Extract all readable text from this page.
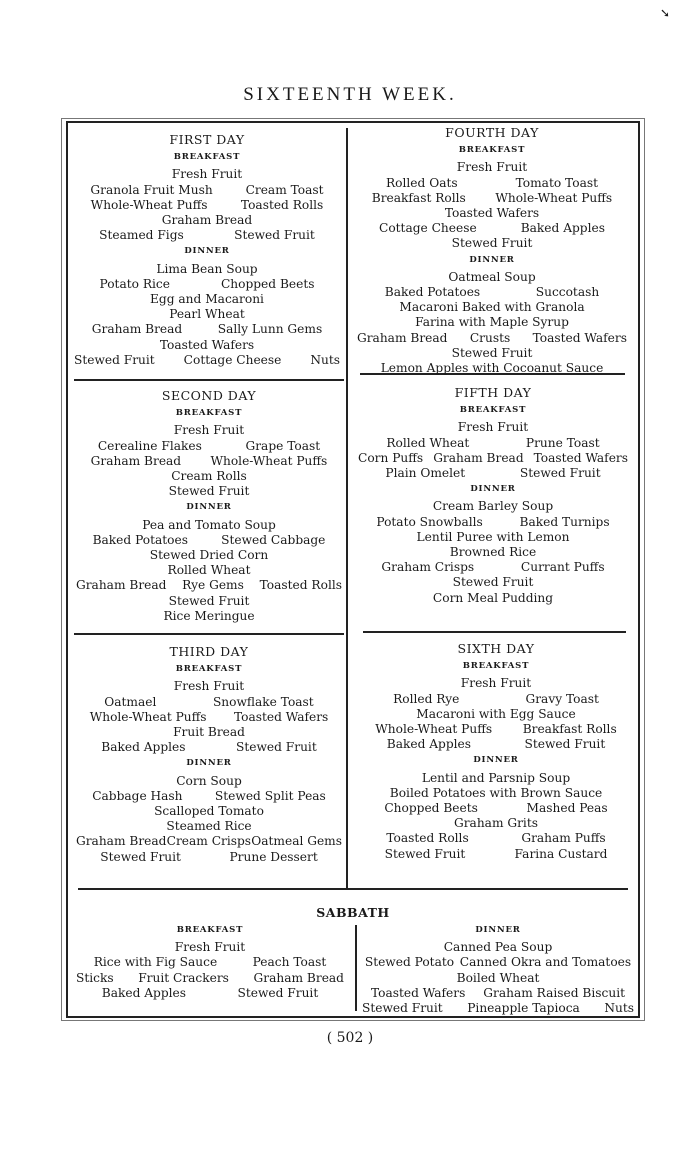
➘
SIXTEENTH WEEK.
FIRST DAY
BREAKFAST
Fresh Fruit
Granola Fruit Mush	Cream Toast
Whole-Wheat Puffs	Toasted Rolls
Graham Bread
Steamed Figs	Stewed Fruit
DINNER
Lima Bean Soup
Potato Rice	Chopped Beets
Egg and Macaroni
Pearl Wheat
Graham Bread	Sally Lunn Gems
Toasted Wafers
Stewed Fruit Cottage Cheese Nuts
SECOND DAY
BREAKFAST
Fresh Fruit
Cerealine Flakes	Grape Toast
Graham Bread Whole-Wheat Puffs
Cream Rolls
Stewed Fruit
DINNER
Pea and Tomato Soup
Baked Potatoes	Stewed Cabbage
Stewed Dried Corn
Rolled Wheat
Graham Bread Rye Gems Toasted Rolls
Stewed Fruit
Rice Meringue
THIRD DAY
BREAKFAST
Fresh Fruit
Oatmael	Snowflake Toast
Whole-Wheat Puffs Toasted Wafers
Fruit Bread
Baked Apples	Stewed Fruit
DINNER
Corn Soup
Cabbage Hash	Stewed Split Peas
Scalloped Tomato
Steamed Rice
Graham Bread Cream Crisps Oatmeal Gems
Stewed Fruit	Prune Dessert
FOURTH DAY
BREAKFAST
Fresh Fruit
Rolled Oats	Tomato Toast
Breakfast Rolls Whole-Wheat Puffs
Toasted Wafers
Cottage Cheese	Baked Apples
Stewed Fruit
DINNER
Oatmeal Soup
Baked Potatoes	Succotash
Macaroni Baked with Granola
Farina with Maple Syrup
Graham Bread Crusts Toasted Wafers
Stewed Fruit
Lemon Apples with Cocoanut Sauce
FIFTH DAY
BREAKFAST
Fresh Fruit
Rolled Wheat	Prune Toast
Corn Puffs Graham Bread Toasted Wafers
Plain Omelet	Stewed Fruit
DINNER
Cream Barley Soup
Potato Snowballs	Baked Turnips
Lentil Puree with Lemon
Browned Rice
Graham Crisps	Currant Puffs
Stewed Fruit
Corn Meal Pudding
SIXTH DAY
BREAKFAST
Fresh Fruit
Rolled Rye	Gravy Toast
Macaroni with Egg Sauce
Whole-Wheat Puffs	Breakfast Rolls
Baked Apples	Stewed Fruit
DINNER
Lentil and Parsnip Soup
Boiled Potatoes with Brown Sauce
Chopped Beets	Mashed Peas
Graham Grits
Toasted Rolls	Graham Puffs
Stewed Fruit	Farina Custard
SABBATH
BREAKFAST
Fresh Fruit
Rice with Fig Sauce	Peach Toast
Sticks Fruit Crackers Graham Bread
Baked Apples	Stewed Fruit
DINNER
Canned Pea Soup
Stewed Potato Canned Okra and Tomatoes
Boiled Wheat
Toasted Wafers Graham Raised Biscuit
Stewed Fruit Pineapple Tapioca Nuts
( 502 )
